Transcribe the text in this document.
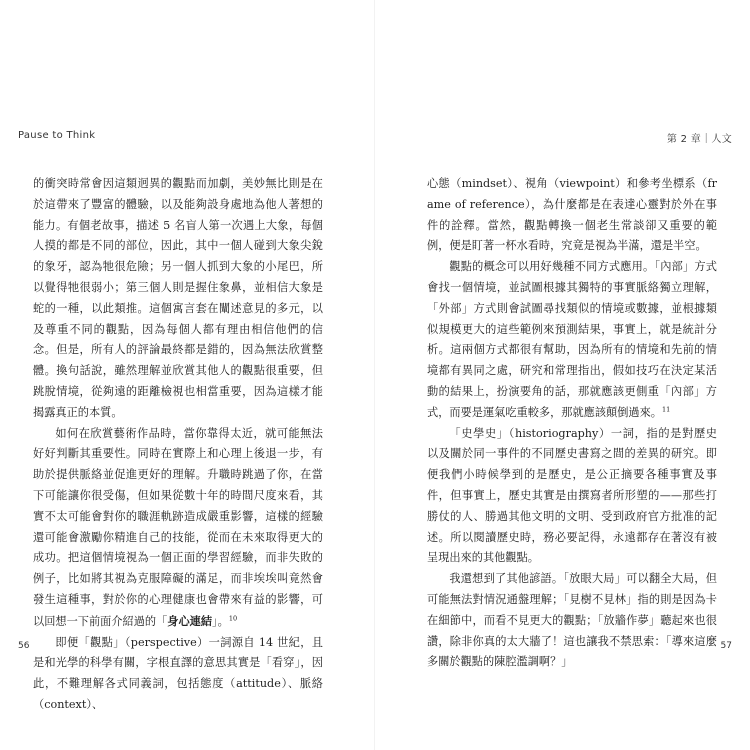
Pause to Think

的衝突時常會因這類迥異的觀點而加劇，美妙無比則是在於這帶來了豐富的體驗，以及能夠設身處地為他人著想的能力。有個老故事，描述 5 名盲人第一次遇上大象，每個人摸的都是不同的部位，因此，其中一個人碰到大象尖銳的象牙，認為牠很危險；另一個人抓到大象的小尾巴，所以覺得牠很弱小；第三個人則是握住象鼻，並相信大象是蛇的一種，以此類推。這個寓言套在闡述意見的多元，以及尊重不同的觀點，因為每個人都有理由相信他們的信念。但是，所有人的評論最終都是錯的，因為無法欣賞整體。換句話說，雖然理解並欣賞其他人的觀點很重要，但跳脫情境，從夠遠的距離檢視也相當重要，因為這樣才能揭露真正的本質。

如何在欣賞藝術作品時，當你靠得太近，就可能無法好好判斷其重要性。同時在實際上和心理上後退一步，有助於提供脈絡並促進更好的理解。升職時跳過了你，在當下可能讓你很受傷，但如果從數十年的時間尺度來看，其實不太可能會對你的職涯軌跡造成嚴重影響，這樣的經驗還可能會激勵你精進自己的技能，從而在未來取得更大的成功。把這個情境視為一個正面的學習經驗，而非失敗的例子，比如將其視為克服障礙的滿足，而非埃埃叫竟然會發生這種事，對於你的心理健康也會帶來有益的影響，可以回想一下前面介紹過的「身心連結」。$^{10}$

即便「觀點」（perspective）一詞源自 14 世紀，且是和光學的科學有關，字根直譯的意思其實是「看穿」，因此，不難理解各式同義詞，包括態度（attitude）、脈絡（context）、

56
第 2 章｜人文

心態（mindset）、視角（viewpoint）和參考坐標系（frame of reference），為什麼都是在表達心靈對於外在事件的詮釋。當然，觀點轉換一個老生常談卻又重要的範例，便是盯著一杯水看時，究竟是視為半滿，還是半空。

觀點的概念可以用好幾種不同方式應用。「內部」方式會找一個情境，並試圖根據其獨特的事實脈絡獨立理解，「外部」方式則會試圖尋找類似的情境或數據，並根據類似規模更大的這些範例來預測結果，事實上，就是統計分析。這兩個方式都很有幫助，因為所有的情境和先前的情境都有異同之處，研究和常理指出，假如技巧在決定某活動的結果上，扮演要角的話，那就應該更側重「內部」方式，而要是運氣吃重較多，那就應該顛倒過來。$^{11}$

「史學史」（historiography）一詞，指的是對歷史以及關於同一事件的不同歷史書寫之間的差異的研究。即便我們小時候學到的是歷史，是公正摘要各種事實及事件，但事實上，歷史其實是由撰寫者所形塑的——那些打勝仗的人、勝過其他文明的文明、受到政府官方批准的記述。所以閱讀歷史時，務必要記得，永遠都存在著沒有被呈現出來的其他觀點。

我還想到了其他諺語。「放眼大局」可以翻全大局，但可能無法對情況通盤理解；「見樹不見林」指的則是因為卡在細節中，而看不見更大的觀點；「放牆作夢」聽起來也很讚，除非你真的太大牆了！這也讓我不禁思索：「導來這麼多關於觀點的陳腔濫調啊？」

57
